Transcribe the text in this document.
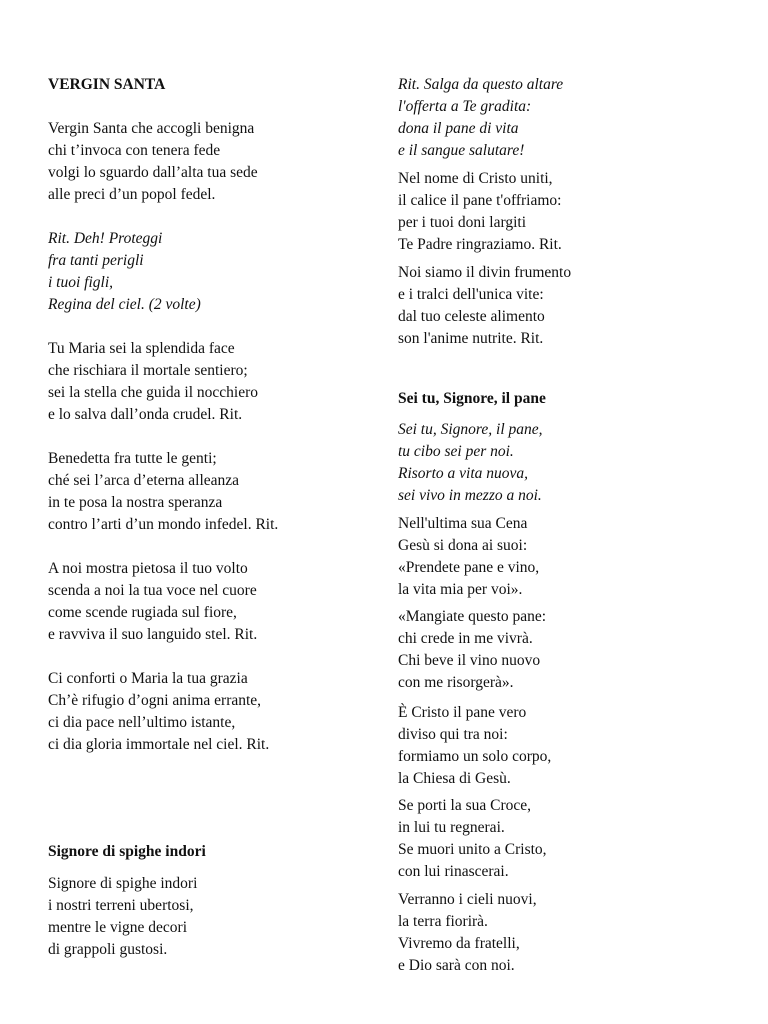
VERGIN SANTA

Vergin Santa che accogli benigna
chi t’invoca con tenera fede
volgi lo sguardo dall’alta tua sede
alle preci d’un popol fedel.
Rit. Deh! Proteggi
fra tanti perigli
i tuoi figli,
Regina del ciel. (2 volte)
Tu Maria sei la splendida face
che rischiara il mortale sentiero;
sei la stella che guida il nocchiero
e lo salva dall’onda crudel. Rit.
Benedetta fra tutte le genti;
ché sei l’arca d’eterna alleanza
in te posa la nostra speranza
contro l’arti d’un mondo infedel. Rit.
A noi mostra pietosa il tuo volto
scenda a noi la tua voce nel cuore
come scende rugiada sul fiore,
e ravviva il suo languido stel. Rit.
Ci conforti o Maria la tua grazia
Ch’è rifugio d’ogni anima errante,
ci dia pace nell’ultimo istante,
ci dia gloria immortale nel ciel. Rit.

Signore di spighe indori

Signore di spighe indori
i nostri terreni ubertosi,
mentre le vigne decori
di grappoli gustosi.
Rit. Salga da questo altare
l'offerta a Te gradita:
dona il pane di vita
e il sangue salutare!
Nel nome di Cristo uniti,
il calice il pane t'offriamo:
per i tuoi doni largiti
Te Padre ringraziamo. Rit.
Noi siamo il divin frumento
e i tralci dell'unica vite:
dal tuo celeste alimento
son l'anime nutrite. Rit.

Sei tu, Signore, il pane

Sei tu, Signore, il pane,
tu cibo sei per noi.
Risorto a vita nuova,
sei vivo in mezzo a noi.
Nell'ultima sua Cena
Gesù si dona ai suoi:
«Prendete pane e vino,
la vita mia per voi».
«Mangiate questo pane:
chi crede in me vivrà.
Chi beve il vino nuovo
con me risorgerà».
È Cristo il pane vero
diviso qui tra noi:
formiamo un solo corpo,
la Chiesa di Gesù.
Se porti la sua Croce,
in lui tu regnerai.
Se muori unito a Cristo,
con lui rinascerai.
Verranno i cieli nuovi,
la terra fiorirà.
Vivremo da fratelli,
e Dio sarà con noi.
